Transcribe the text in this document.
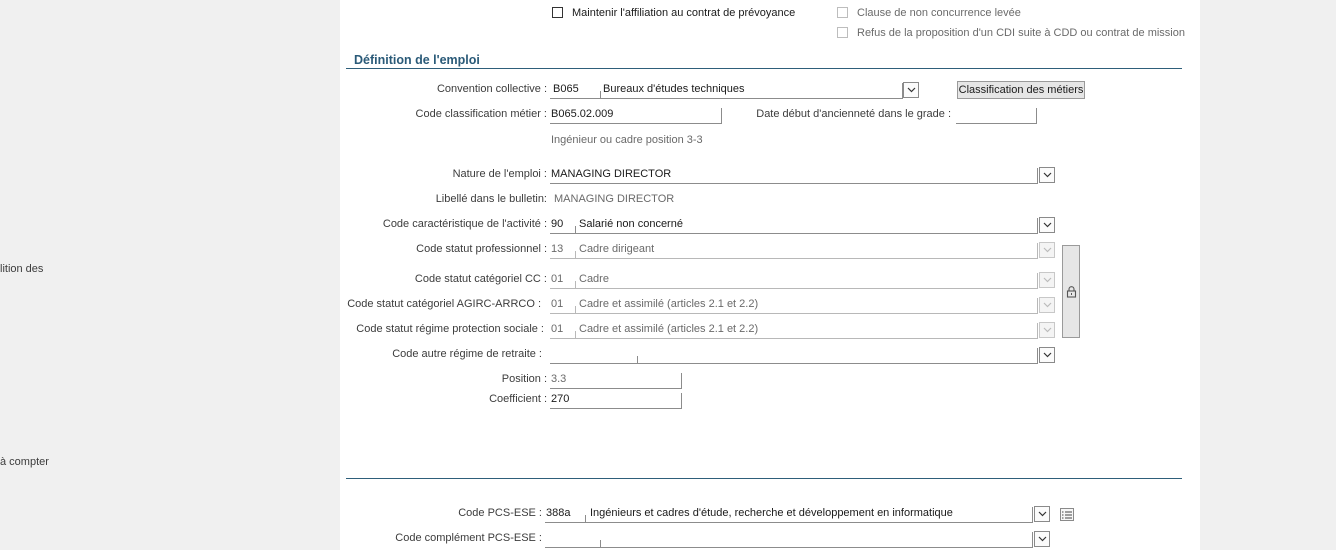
lition des
à compter
Maintenir l'affiliation au contrat de prévoyance	Clause de non concurrence levée
Refus de la proposition d'un CDI suite à CDD ou contrat de mission
Définition de l'emploi
Convention collective : B065 Bureaux d'études techniques	Classification des métiers
Code classification métier : B065.02.009	Date début d'ancienneté dans le grade :
Ingénieur ou cadre position 3-3
Nature de l'emploi : MANAGING DIRECTOR
Libellé dans le bulletin: MANAGING DIRECTOR
Code caractéristique de l'activité : 90 Salarié non concerné
Code statut professionnel : 13 Cadre dirigeant
Code statut catégoriel CC : 01 Cadre
Code statut catégoriel AGIRC-ARRCO : 01 Cadre et assimilé (articles 2.1 et 2.2)
Code statut régime protection sociale : 01 Cadre et assimilé (articles 2.1 et 2.2)
Code autre régime de retraite :
Position : 3.3
Coefficient : 270
Code PCS-ESE : 388a Ingénieurs et cadres d'étude, recherche et développement en informatique
Code complément PCS-ESE :
